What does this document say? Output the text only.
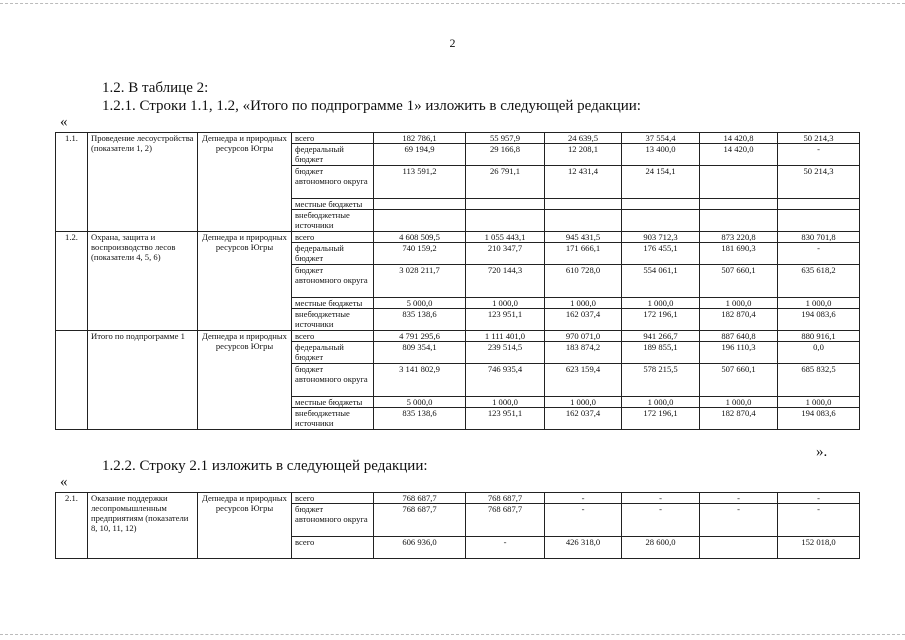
2
1.2. В таблице 2:
1.2.1. Строки 1.1, 1.2, «Итого по подпрограмме 1» изложить в следующей редакции:
«
1.1.	Проведение лесоустройства (показатели 1, 2)	Депнедра и природных ресурсов Югры	всего	182 786,1	55 957,9	24 639,5	37 554,4	14 420,8	50 214,3
			федеральный бюджет	69 194,9	29 166,8	12 208,1	13 400,0	14 420,0	-
			бюджет автономного округа	113 591,2	26 791,1	12 431,4	24 154,1		50 214,3
			местные бюджеты						
			внебюджетные источники						
1.2.	Охрана, защита и воспроизводство лесов (показатели 4, 5, 6)	Депнедра и природных ресурсов Югры	всего	4 608 509,5	1 055 443,1	945 431,5	903 712,3	873 220,8	830 701,8
			федеральный бюджет	740 159,2	210 347,7	171 666,1	176 455,1	181 690,3	-
			бюджет автономного округа	3 028 211,7	720 144,3	610 728,0	554 061,1	507 660,1	635 618,2
			местные бюджеты	5 000,0	1 000,0	1 000,0	1 000,0	1 000,0	1 000,0
			внебюджетные источники	835 138,6	123 951,1	162 037,4	172 196,1	182 870,4	194 083,6
	Итого по подпрограмме 1	Депнедра и природных ресурсов Югры	всего	4 791 295,6	1 111 401,0	970 071,0	941 266,7	887 640,8	880 916,1
			федеральный бюджет	809 354,1	239 514,5	183 874,2	189 855,1	196 110,3	0,0
			бюджет автономного округа	3 141 802,9	746 935,4	623 159,4	578 215,5	507 660,1	685 832,5
			местные бюджеты	5 000,0	1 000,0	1 000,0	1 000,0	1 000,0	1 000,0
			внебюджетные источники	835 138,6	123 951,1	162 037,4	172 196,1	182 870,4	194 083,6
».
1.2.2. Строку 2.1 изложить в следующей редакции:
«
2.1.	Оказание поддержки лесопромышленным предприятиям (показатели 8, 10, 11, 12)	Депнедра и природных ресурсов Югры	всего	768 687,7	768 687,7	-	-	-	-
			бюджет автономного округа	768 687,7	768 687,7	-	-	-	-
			всего	606 936,0	-	426 318,0	28 600,0		152 018,0
